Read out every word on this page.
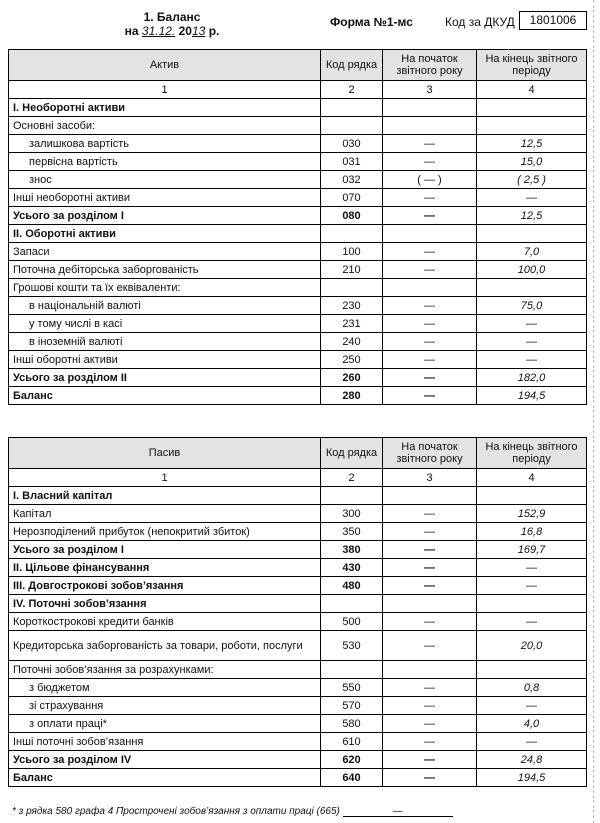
1. Баланс
на 31.12. 2013 р.
Форма №1-мс	Код за ДКУД	1801006
Актив	Код рядка	На початок звітного року	На кінець звітного періоду
1	2	3	4
I. Необоротні активи			
Основні засоби:			
залишкова вартість	030	—	12,5
первісна вартість	031	—	15,0
знос	032	( — )	( 2,5 )
Інші необоротні активи	070	—	—
Усього за розділом I	080	—	12,5
II. Оборотні активи			
Запаси	100	—	7,0
Поточна дебіторська заборгованість	210	—	100,0
Грошові кошти та їх еквіваленти:			
в національній валюті	230	—	75,0
у тому числі в касі	231	—	—
в іноземній валюті	240	—	—
Інші оборотні активи	250	—	—
Усього за розділом II	260	—	182,0
Баланс	280	—	194,5
Пасив	Код рядка	На початок звітного року	На кінець звітного періоду
1	2	3	4
I. Власний капітал			
Капітал	300	—	152,9
Нерозподілений прибуток (непокритий збиток)	350	—	16,8
Усього за розділом I	380	—	169,7
II. Цільове фінансування	430	—	—
III. Довгострокові зобов’язання	480	—	—
IV. Поточні зобов’язання			
Короткострокові кредити банків	500	—	—
Кредиторська заборгованість за товари, роботи, послуги	530	—	20,0
Поточні зобов’язання за розрахунками:			
з бюджетом	550	—	0,8
зі страхування	570	—	—
з оплати праці*	580	—	4,0
Інші поточні зобов’язання	610	—	—
Усього за розділом IV	620	—	24,8
Баланс	640	—	194,5
* з рядка 580 графа 4 Прострочені зобов’язання з оплати праці (665)	—
